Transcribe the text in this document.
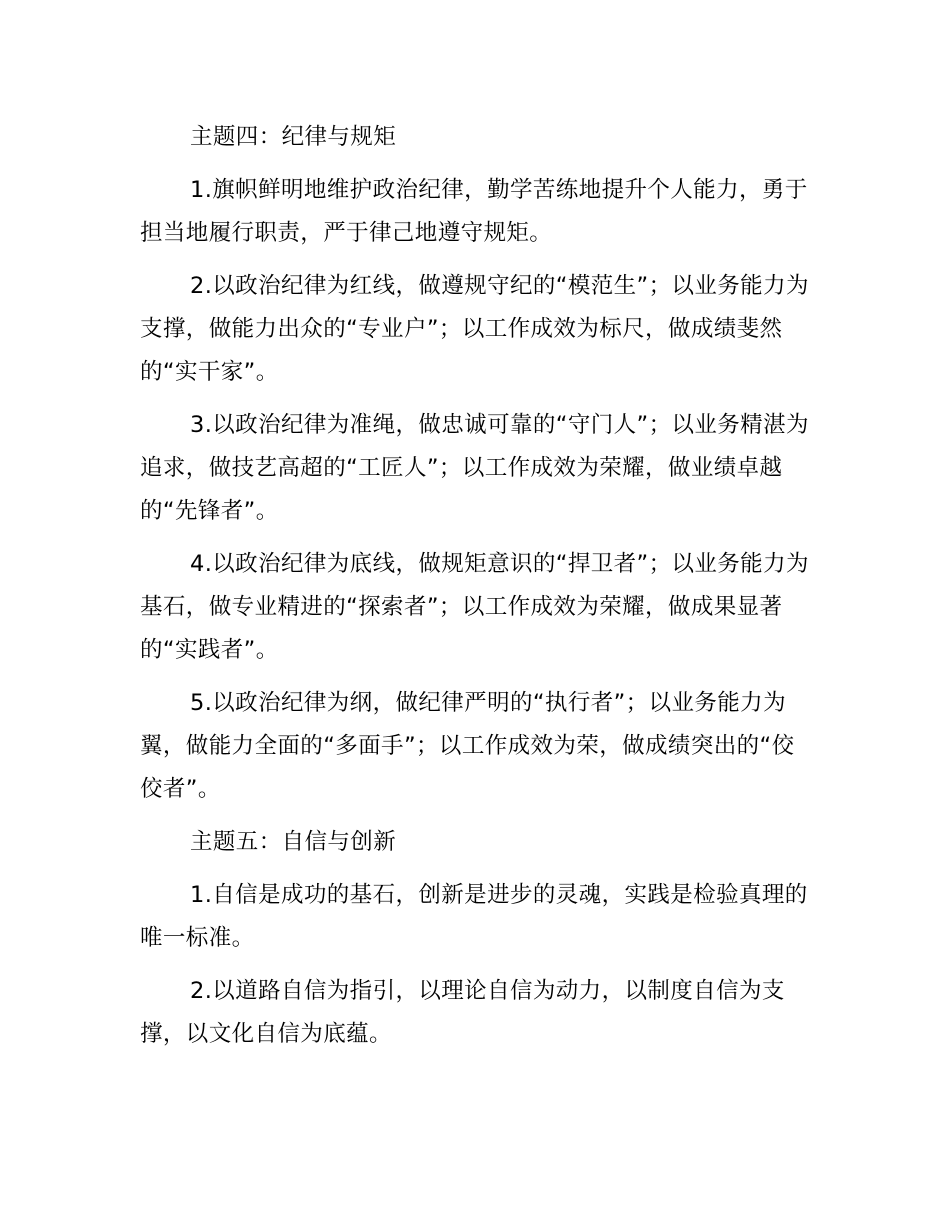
主题四：纪律与规矩

1.旗帜鲜明地维护政治纪律，勤学苦练地提升个人能力，勇于担当地履行职责，严于律己地遵守规矩。

2.以政治纪律为红线，做遵规守纪的“模范生”；以业务能力为支撑，做能力出众的“专业户”；以工作成效为标尺，做成绩斐然的“实干家”。

3.以政治纪律为准绳，做忠诚可靠的“守门人”；以业务精湛为追求，做技艺高超的“工匠人”；以工作成效为荣耀，做业绩卓越的“先锋者”。

4.以政治纪律为底线，做规矩意识的“捍卫者”；以业务能力为基石，做专业精进的“探索者”；以工作成效为荣耀，做成果显著的“实践者”。

5.以政治纪律为纲，做纪律严明的“执行者”；以业务能力为翼，做能力全面的“多面手”；以工作成效为荣，做成绩突出的“佼佼者”。

主题五：自信与创新

1.自信是成功的基石，创新是进步的灵魂，实践是检验真理的唯一标准。

2.以道路自信为指引，以理论自信为动力，以制度自信为支撑，以文化自信为底蕴。
